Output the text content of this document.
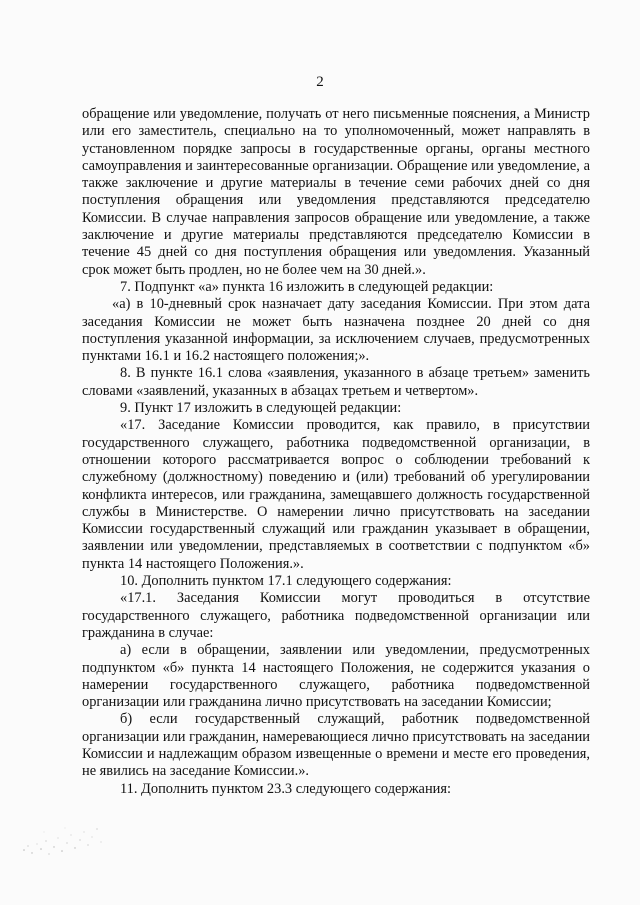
2

обращение или уведомление, получать от него письменные пояснения, а Министр или его заместитель, специально на то уполномоченный, может направлять в установленном порядке запросы в государственные органы, органы местного самоуправления и заинтересованные организации. Обращение или уведомление, а также заключение и другие материалы в течение семи рабочих дней со дня поступления обращения или уведомления представляются председателю Комиссии. В случае направления запросов обращение или уведомление, а также заключение и другие материалы представляются председателю Комиссии в течение 45 дней со дня поступления обращения или уведомления. Указанный срок может быть продлен, но не более чем на 30 дней.».

7. Подпункт «а» пункта 16 изложить в следующей редакции:

«а) в 10-дневный срок назначает дату заседания Комиссии. При этом дата заседания Комиссии не может быть назначена позднее 20 дней со дня поступления указанной информации, за исключением случаев, предусмотренных пунктами 16.1 и 16.2 настоящего положения;».

8. В пункте 16.1 слова «заявления, указанного в абзаце третьем» заменить словами «заявлений, указанных в абзацах третьем и четвертом».

9. Пункт 17 изложить в следующей редакции:

«17. Заседание Комиссии проводится, как правило, в присутствии государственного служащего, работника подведомственной организации, в отношении которого рассматривается вопрос о соблюдении требований к служебному (должностному) поведению и (или) требований об урегулировании конфликта интересов, или гражданина, замещавшего должность государственной службы в Министерстве. О намерении лично присутствовать на заседании Комиссии государственный служащий или гражданин указывает в обращении, заявлении или уведомлении, представляемых в соответствии с подпунктом «б» пункта 14 настоящего Положения.».

10. Дополнить пунктом 17.1 следующего содержания:

«17.1. Заседания Комиссии могут проводиться в отсутствие государственного служащего, работника подведомственной организации или гражданина в случае:

а) если в обращении, заявлении или уведомлении, предусмотренных подпунктом «б» пункта 14 настоящего Положения, не содержится указания о намерении государственного служащего, работника подведомственной организации или гражданина лично присутствовать на заседании Комиссии;

б) если государственный служащий, работник подведомственной организации или гражданин, намеревающиеся лично присутствовать на заседании Комиссии и надлежащим образом извещенные о времени и месте его проведения, не явились на заседание Комиссии.».

11. Дополнить пунктом 23.3 следующего содержания:
